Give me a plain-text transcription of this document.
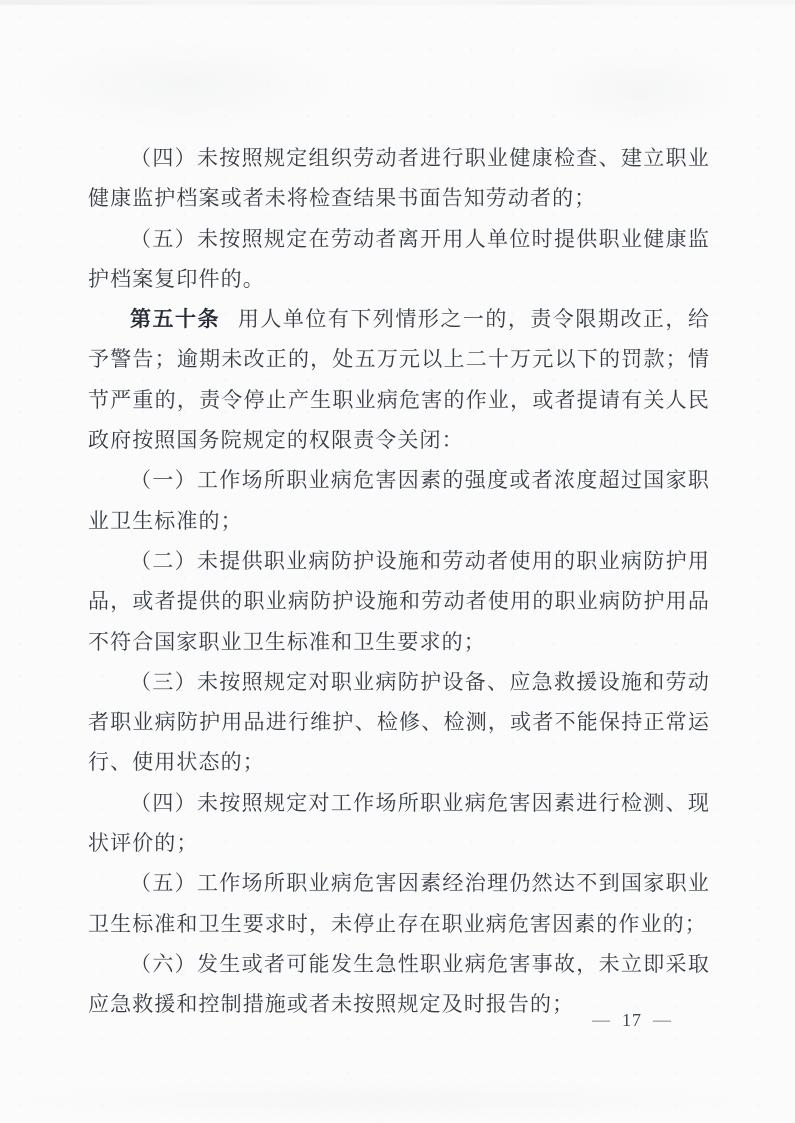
（四）未按照规定组织劳动者进行职业健康检查、建立职业健康监护档案或者未将检查结果书面告知劳动者的；

（五）未按照规定在劳动者离开用人单位时提供职业健康监护档案复印件的。

第五十条 用人单位有下列情形之一的，责令限期改正，给予警告；逾期未改正的，处五万元以上二十万元以下的罚款；情节严重的，责令停止产生职业病危害的作业，或者提请有关人民政府按照国务院规定的权限责令关闭：

（一）工作场所职业病危害因素的强度或者浓度超过国家职业卫生标准的；

（二）未提供职业病防护设施和劳动者使用的职业病防护用品，或者提供的职业病防护设施和劳动者使用的职业病防护用品不符合国家职业卫生标准和卫生要求的；

（三）未按照规定对职业病防护设备、应急救援设施和劳动者职业病防护用品进行维护、检修、检测，或者不能保持正常运行、使用状态的；

（四）未按照规定对工作场所职业病危害因素进行检测、现状评价的；

（五）工作场所职业病危害因素经治理仍然达不到国家职业卫生标准和卫生要求时，未停止存在职业病危害因素的作业的；

（六）发生或者可能发生急性职业病危害事故，未立即采取应急救援和控制措施或者未按照规定及时报告的；

— 17 —
